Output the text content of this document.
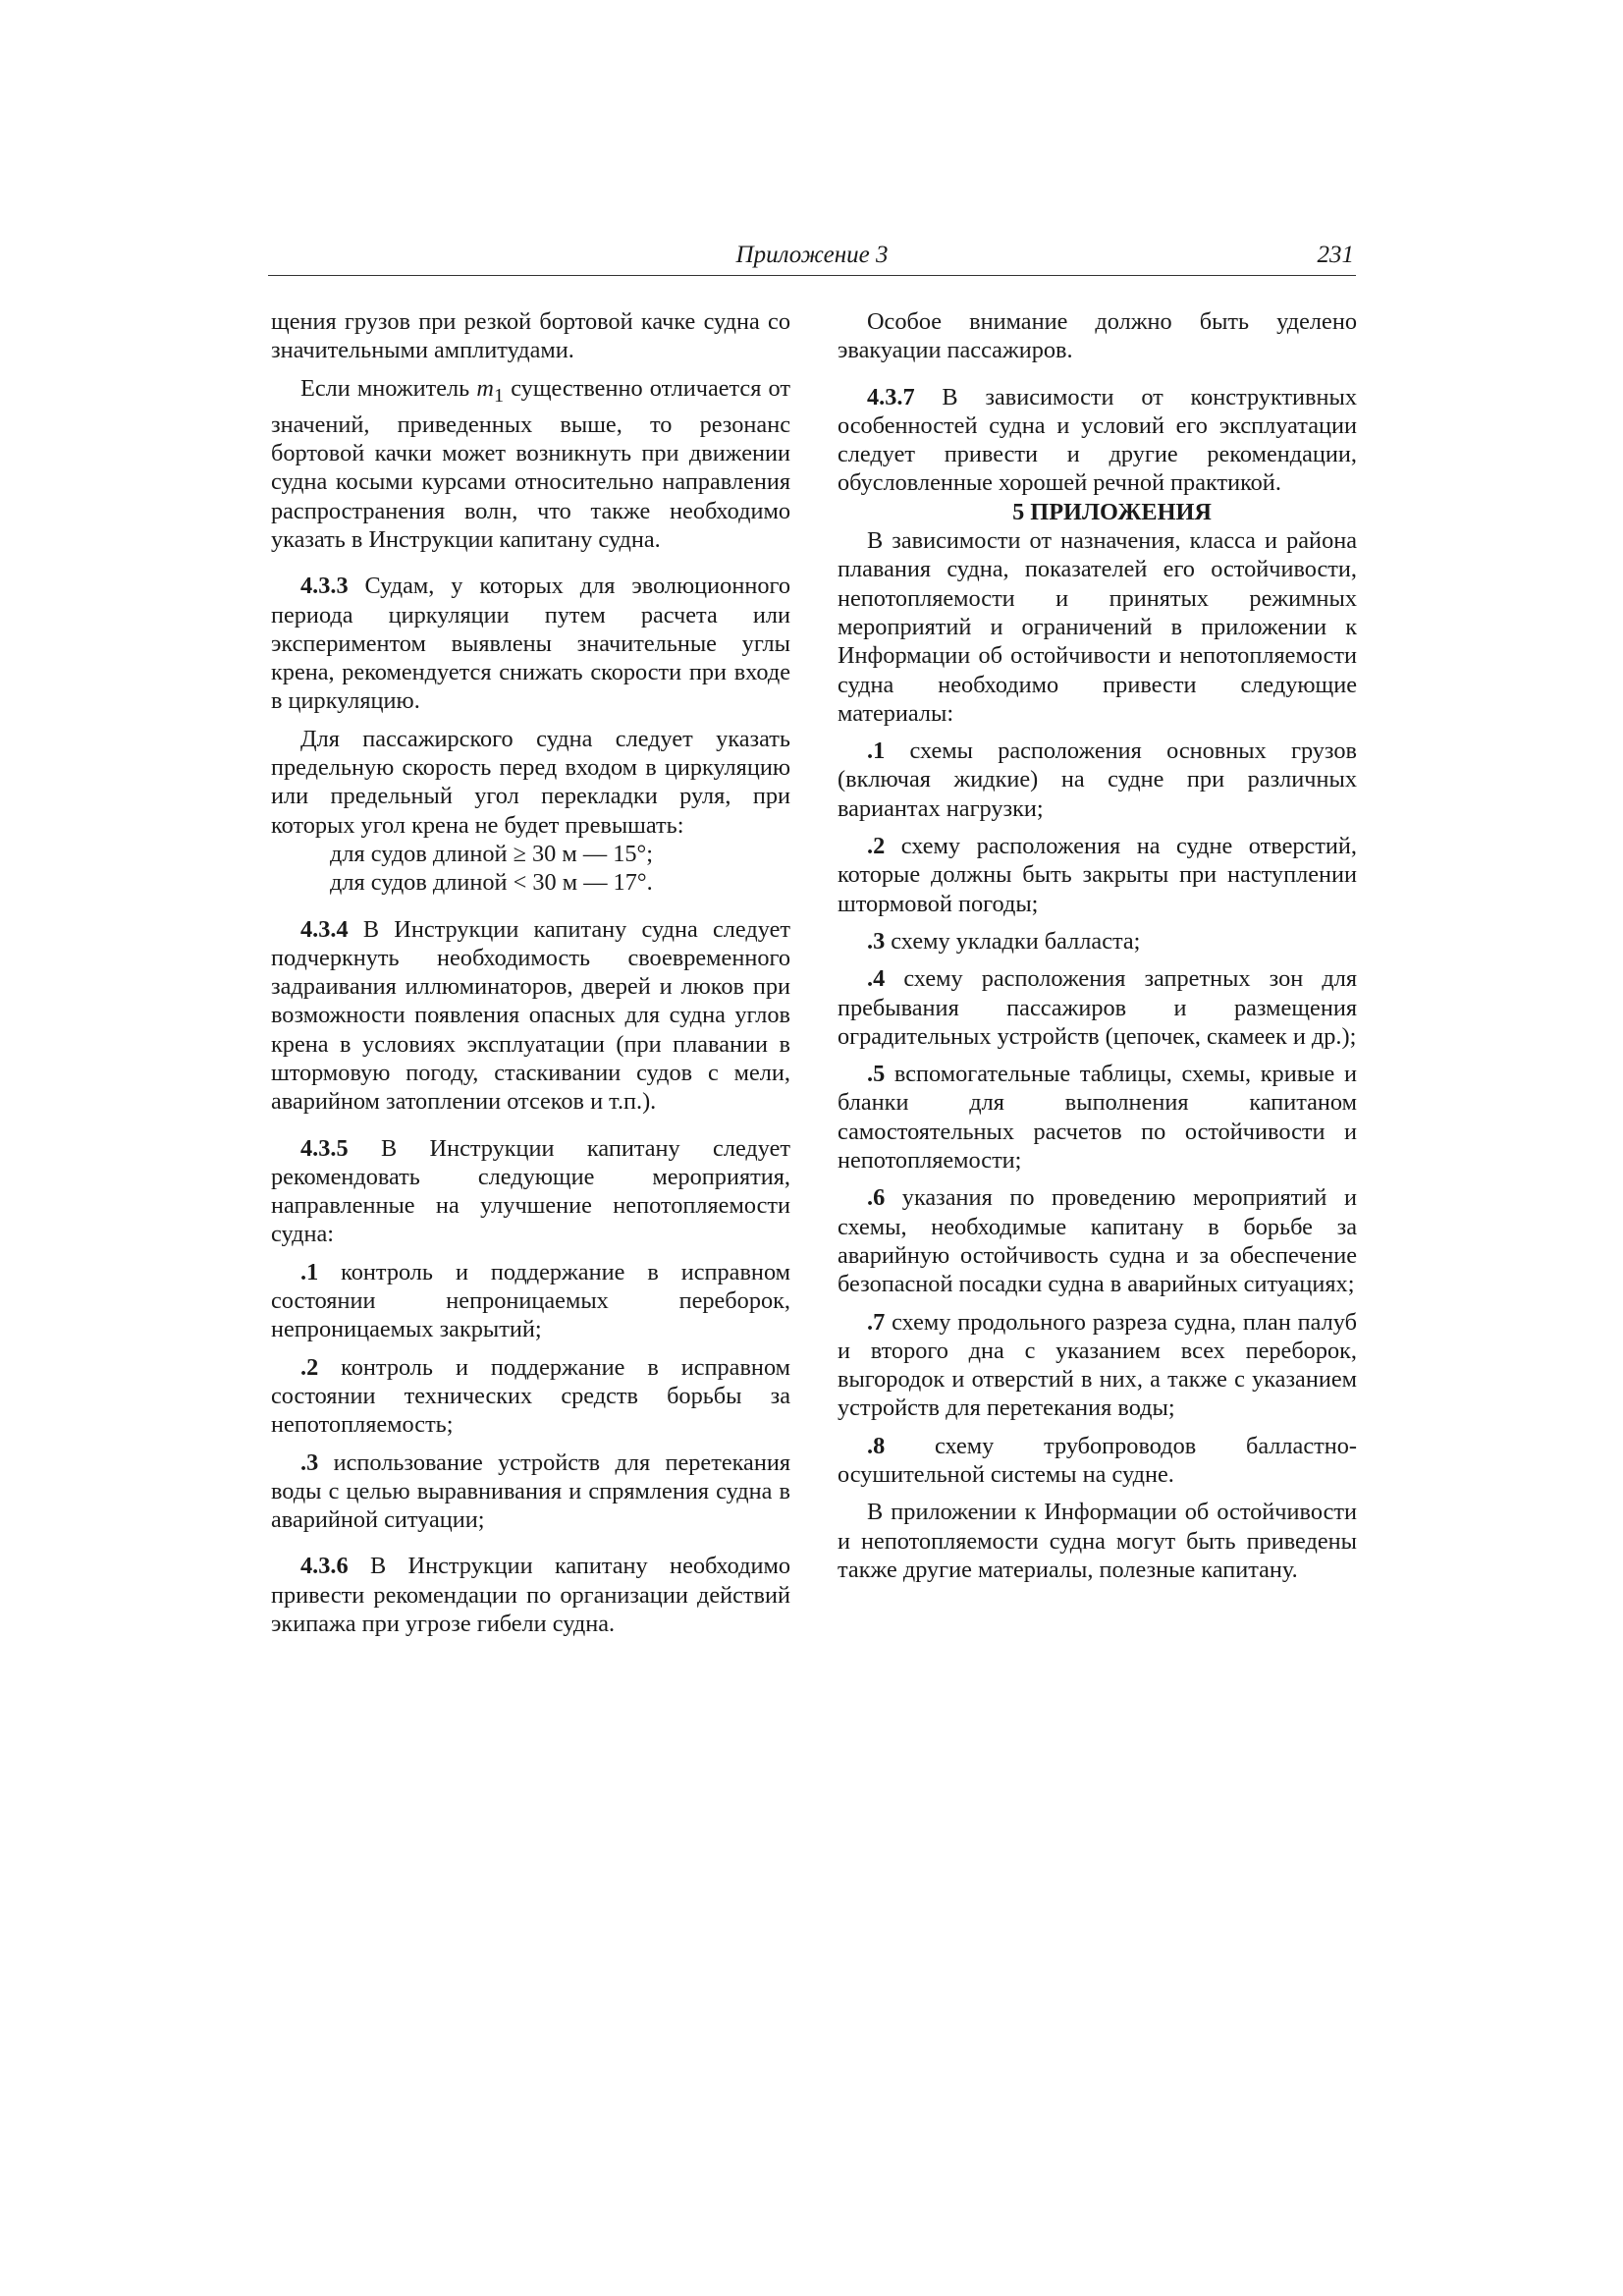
Приложение 3	231

щения грузов при резкой бортовой качке судна со значительными амплитудами.

Если множитель $m_1$ существенно отличается от значений, приведенных выше, то резонанс бортовой качки может возникнуть при движении судна косыми курсами относительно направления распространения волн, что также необходимо указать в Инструкции капитану судна.

4.3.3 Судам, у которых для эволюционного периода циркуляции путем расчета или экспериментом выявлены значительные углы крена, рекомендуется снижать скорости при входе в циркуляцию.

Для пассажирского судна следует указать предельную скорость перед входом в циркуляцию или предельный угол перекладки руля, при которых угол крена не будет превышать:

для судов длиной ≥ 30 м — 15°;

для судов длиной < 30 м — 17°.

4.3.4 В Инструкции капитану судна следует подчеркнуть необходимость своевременного задраивания иллюминаторов, дверей и люков при возможности появления опасных для судна углов крена в условиях эксплуатации (при плавании в штормовую погоду, стаскивании судов с мели, аварийном затоплении отсеков и т.п.).

4.3.5 В Инструкции капитану следует рекомендовать следующие мероприятия, направленные на улучшение непотопляемости судна:

.1 контроль и поддержание в исправном состоянии непроницаемых переборок, непроницаемых закрытий;

.2 контроль и поддержание в исправном состоянии технических средств борьбы за непотопляемость;

.3 использование устройств для перетекания воды с целью выравнивания и спрямления судна в аварийной ситуации;

4.3.6 В Инструкции капитану необходимо привести рекомендации по организации действий экипажа при угрозе гибели судна.

Особое внимание должно быть уделено эвакуации пассажиров.

4.3.7 В зависимости от конструктивных особенностей судна и условий его эксплуатации следует привести и другие рекомендации, обусловленные хорошей речной практикой.

5 ПРИЛОЖЕНИЯ

В зависимости от назначения, класса и района плавания судна, показателей его остойчивости, непотопляемости и принятых режимных мероприятий и ограничений в приложении к Информации об остойчивости и непотопляемости судна необходимо привести следующие материалы:

.1 схемы расположения основных грузов (включая жидкие) на судне при различных вариантах нагрузки;

.2 схему расположения на судне отверстий, которые должны быть закрыты при наступлении штормовой погоды;

.3 схему укладки балласта;

.4 схему расположения запретных зон для пребывания пассажиров и размещения оградительных устройств (цепочек, скамеек и др.);

.5 вспомогательные таблицы, схемы, кривые и бланки для выполнения капитаном самостоятельных расчетов по остойчивости и непотопляемости;

.6 указания по проведению мероприятий и схемы, необходимые капитану в борьбе за аварийную остойчивость судна и за обеспечение безопасной посадки судна в аварийных ситуациях;

.7 схему продольного разреза судна, план палуб и второго дна с указанием всех переборок, выгородок и отверстий в них, а также с указанием устройств для перетекания воды;

.8 схему трубопроводов балластно-осушительной системы на судне.

В приложении к Информации об остойчивости и непотопляемости судна могут быть приведены также другие материалы, полезные капитану.
